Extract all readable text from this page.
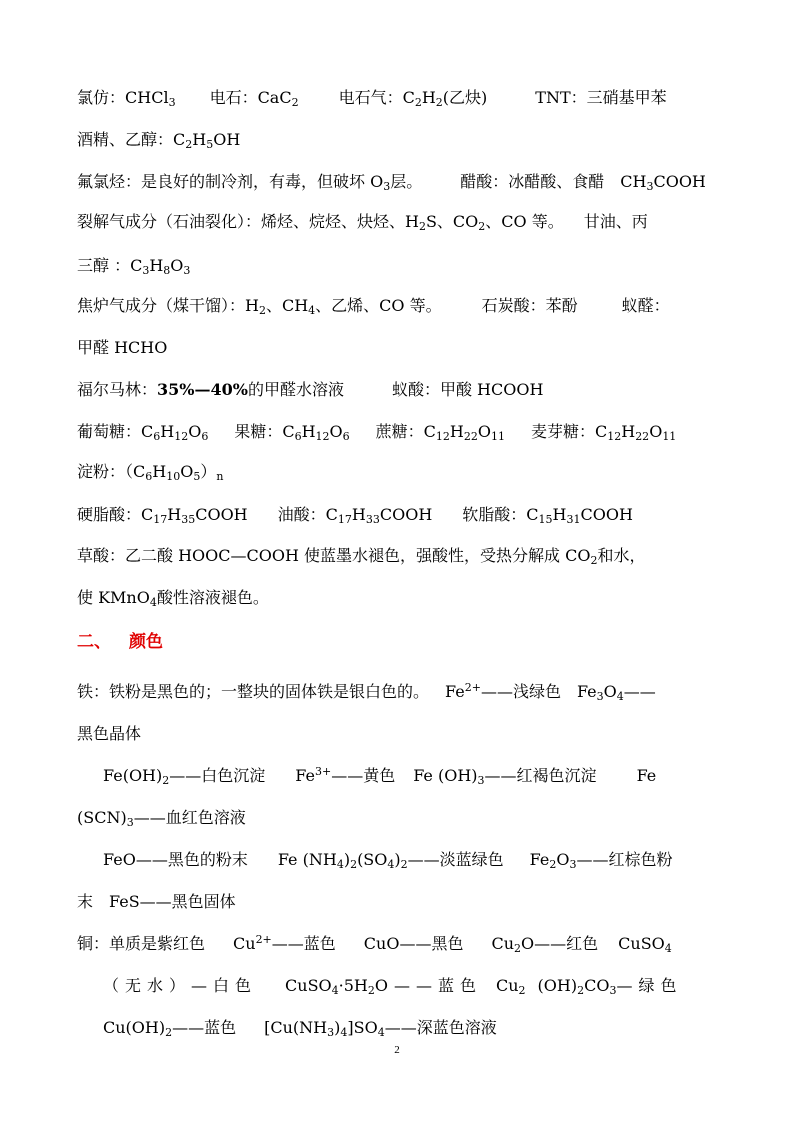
氯仿：CHCl$_3$ 电石：CaC$_2$	电石气：$C_2H_2$(乙炔)	TNT：三硝基甲苯
酒精、乙醇：$C_2H_5OH$
氟氯烃：是良好的制冷剂，有毒，但破坏 $O_3$层。 醋酸：冰醋酸、食醋 $CH_3COOH$
裂解气成分（石油裂化）：烯烃、烷烃、炔烃、$H_2S$、$CO_2$、CO 等。 甘油、丙
三醇 ：$C_3H_8O_3$
焦炉气成分（煤干馏）：$H_2$、$CH_4$、乙烯、CO 等。	石炭酸：苯酚	蚁醛：
甲醛 HCHO
福尔马林：35%—40%的甲醛水溶液	蚁酸：甲酸 HCOOH
葡萄糖：$C_6H_{12}O_6$ 果糖：$C_6H_{12}O_6$ 蔗糖：$C_{12}H_{22}O_{11}$ 麦芽糖：$C_{12}H_{22}O_{11}$
淀粉：$(C_6H_{10}O_5)_n$
硬脂酸：$C_{17}H_{35}COOH$ 油酸：$C_{17}H_{33}COOH$ 软脂酸：$C_{15}H_{31}COOH$
草酸：乙二酸 HOOC—COOH 使蓝墨水褪色，强酸性，受热分解成 $CO_2$和水，
使 KMnO$_4$酸性溶液褪色。
二、 颜色
铁：铁粉是黑色的；一整块的固体铁是银白色的。 $Fe^{2+}——$浅绿色 $Fe_3O_4——$
黑色晶体
$Fe(OH)_2——$白色沉淀 $Fe^{3+}——$黄色 Fe $(OH)_3——$红褐色沉淀	Fe
$(SCN)_3——$血红色溶液
FeO——黑色的粉末 Fe $(NH_4)_2(SO_4)_2——$淡蓝绿色 $Fe_2O_3——$红棕色粉
末 FeS——黑色固体
铜：单质是紫红色 $Cu^{2+}——$蓝色 CuO——黑色 $Cu_2O——$红色 CuSO$_4$
（无水）—白色 $CuSO_4\cdot 5H_2O——$蓝色 $Cu_2$ $(OH)_2CO_3—$绿色
$Cu(OH)_2——$蓝色 $[Cu(NH_3)_4]SO_4——$深蓝色溶液
2
